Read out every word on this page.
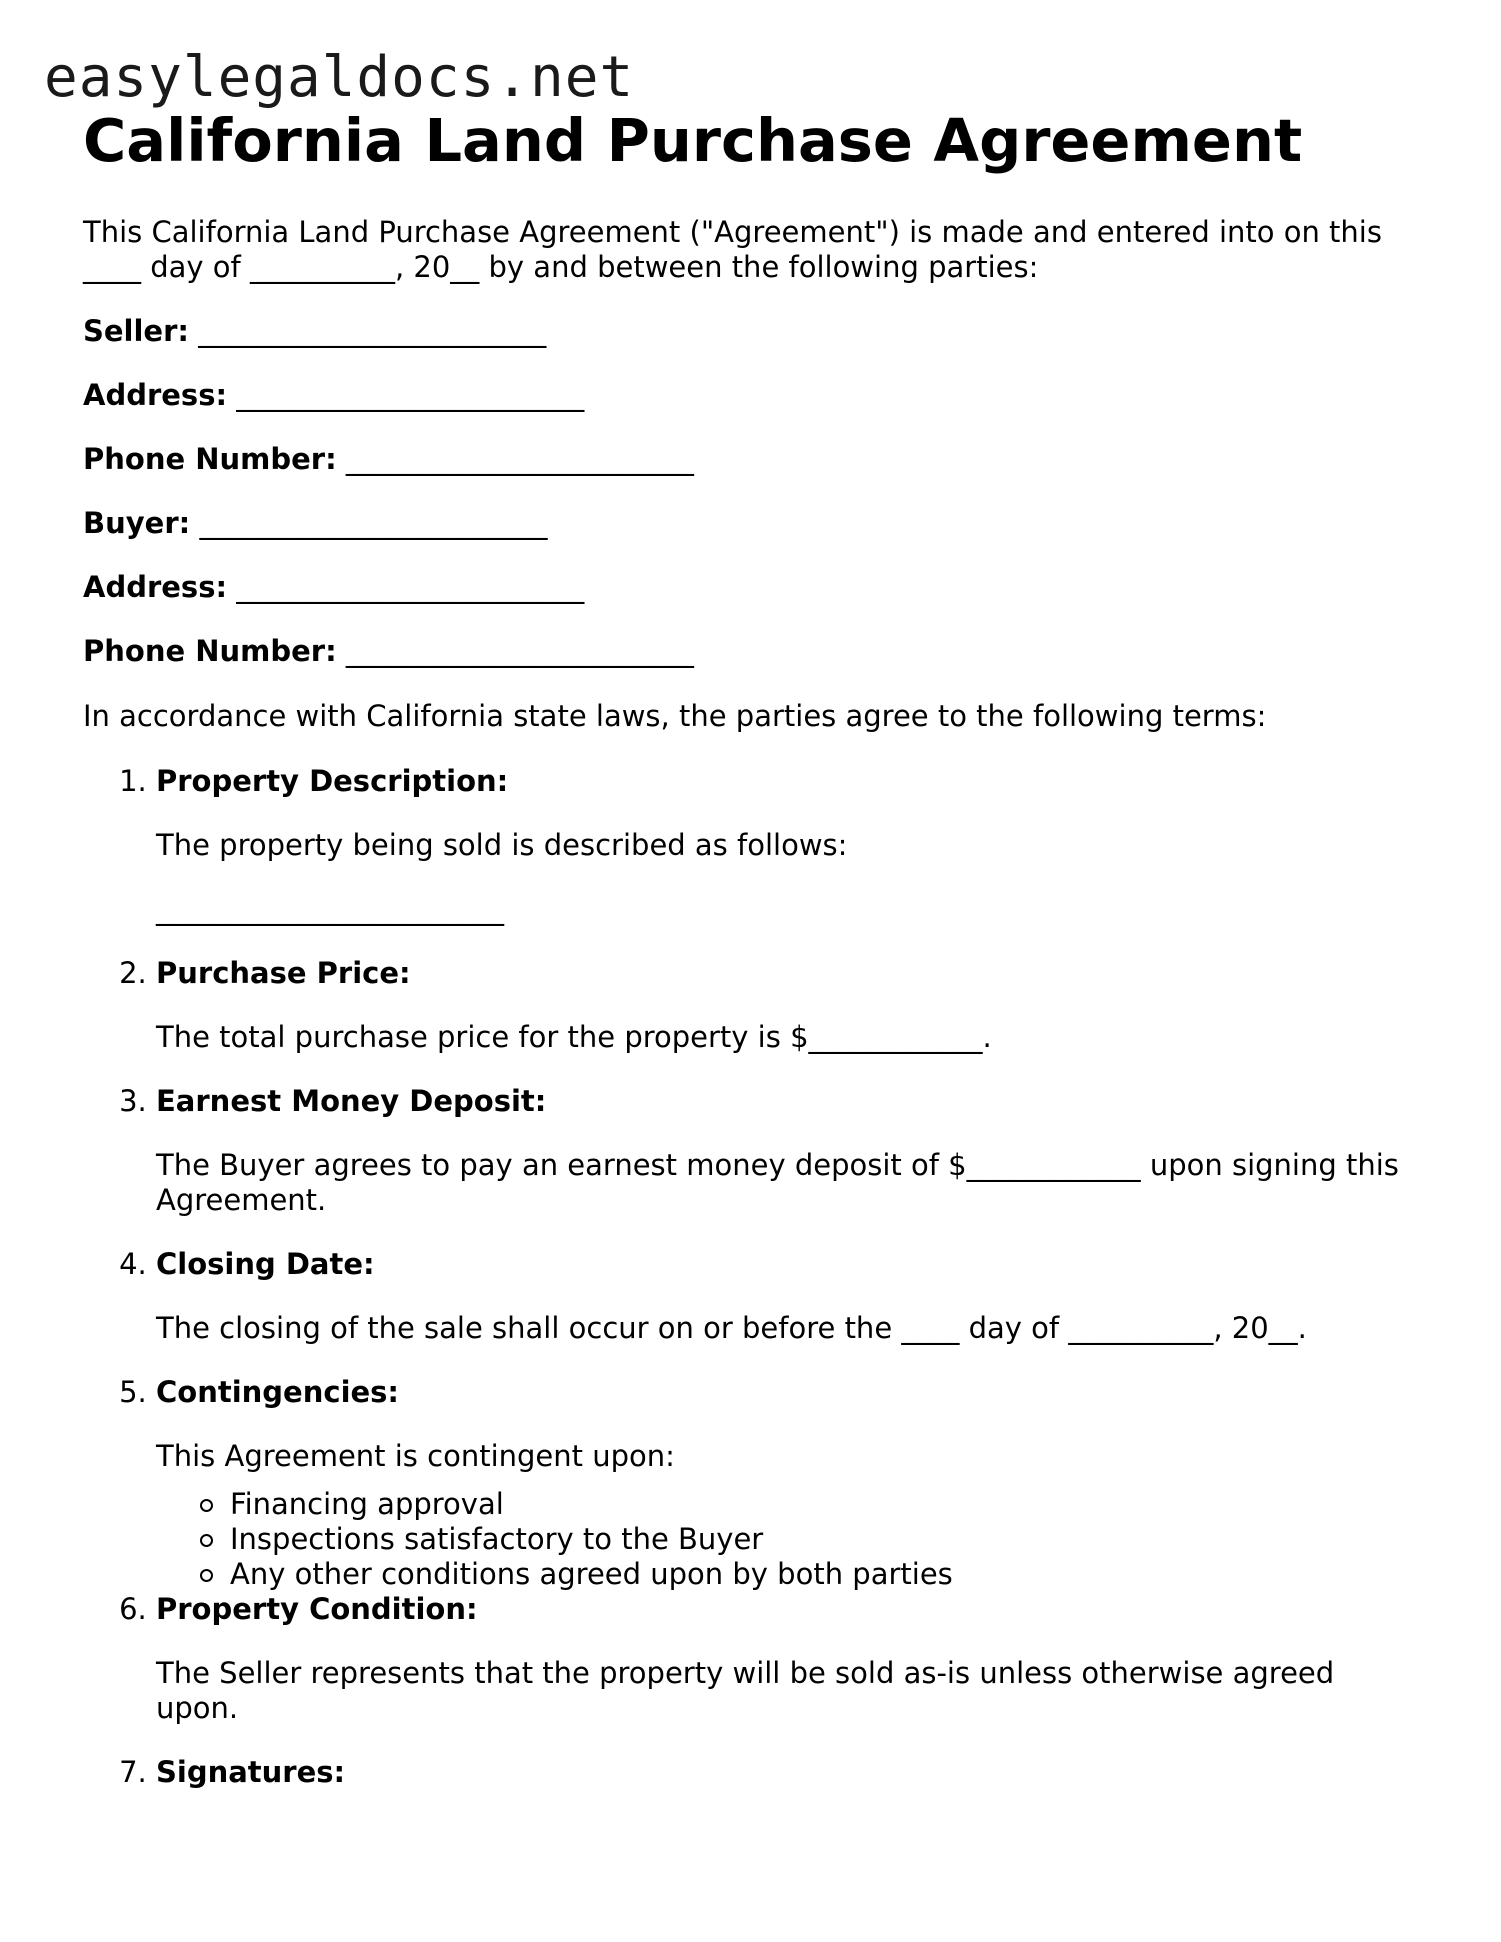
easylegaldocs.net
California Land Purchase Agreement

This California Land Purchase Agreement ("Agreement") is made and entered into on this ____ day of __________, 20__ by and between the following parties:

Seller: ________________________

Address: ________________________

Phone Number: ________________________

Buyer: ________________________

Address: ________________________

Phone Number: ________________________

In accordance with California state laws, the parties agree to the following terms:

1. Property Description:
The property being sold is described as follows:
________________________
2. Purchase Price:
The total purchase price for the property is $____________.
3. Earnest Money Deposit:
The Buyer agrees to pay an earnest money deposit of $____________ upon signing this Agreement.
4. Closing Date:
The closing of the sale shall occur on or before the ____ day of __________, 20__.
5. Contingencies:
This Agreement is contingent upon:
Financing approval
Inspections satisfactory to the Buyer
Any other conditions agreed upon by both parties
6. Property Condition:
The Seller represents that the property will be sold as-is unless otherwise agreed upon.
7. Signatures:
